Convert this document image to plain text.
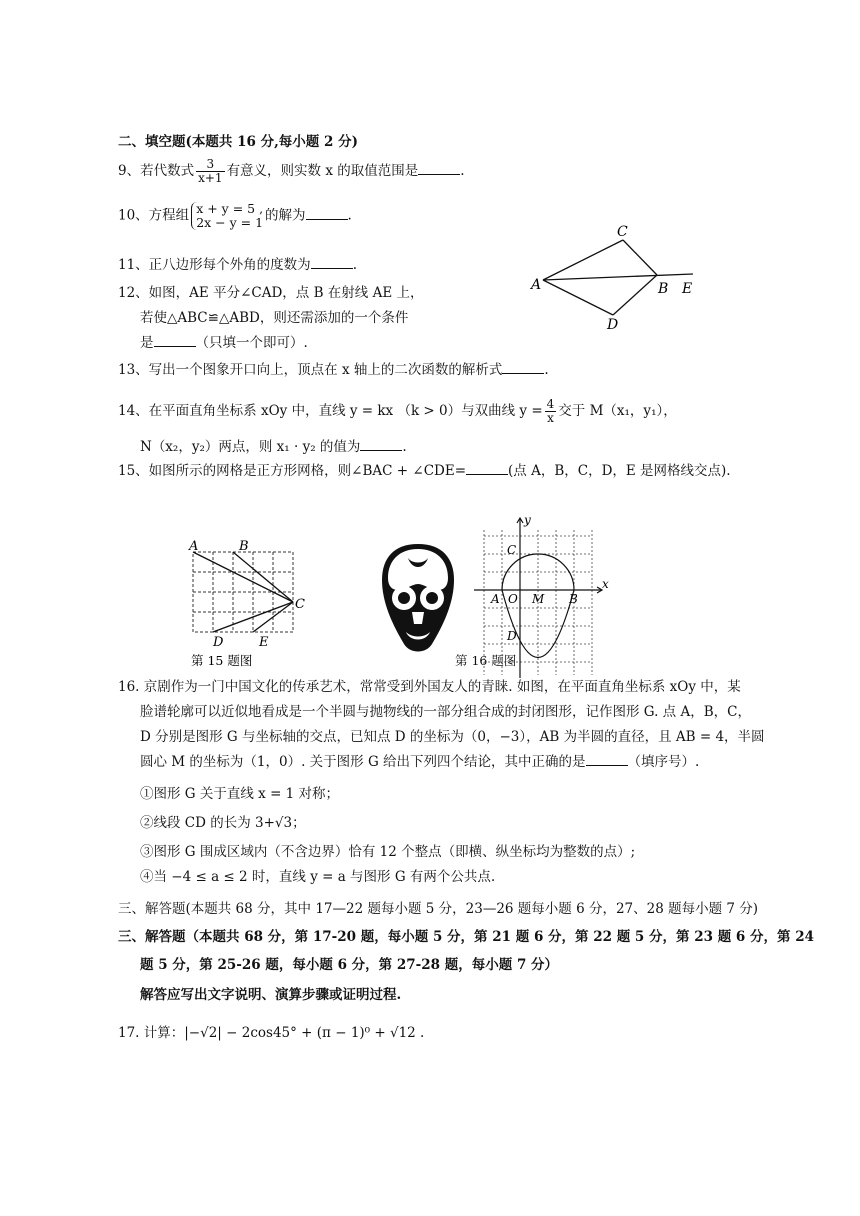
二、填空题(本题共 16 分,每小题 2 分)
9、若代数式 $\frac{3}{x+1}$ 有意义，则实数 x 的取值范围是	.
10、方程组 x + y = 5 ,
2x − y = 1 的解为	.
11、正八边形每个外角的度数为	.
12、如图，AE 平分∠CAD，点 B 在射线 AE 上，
若使△ABC≌△ABD，则还需添加的一个条件
是	（只填一个即可）.
A
C
B E
D
13、写出一个图象开口向上，顶点在 x 轴上的二次函数的解析式	.
14、在平面直角坐标系 xOy 中，直线 y = kx （k > 0）与双曲线 $y = \frac{4}{x}$ 交于 M（x₁，y₁），
N（x₂，y₂）两点，则 x₁ · y₂ 的值为	.
15、如图所示的网格是正方形网格，则∠BAC + ∠CDE=	(点 A，B，C，D，E 是网格线交点).
A	B
C
D	E
第 15 题图
y
x
C
A O M B
D
第 16 题图
16. 京剧作为一门中国文化的传承艺术，常常受到外国友人的青睐. 如图，在平面直角坐标系 xOy 中，某
脸谱轮廓可以近似地看成是一个半圆与抛物线的一部分组合成的封闭图形，记作图形 G. 点 A，B，C，
D 分别是图形 G 与坐标轴的交点，已知点 D 的坐标为（0，−3），AB 为半圆的直径，且 AB = 4，半圆
圆心 M 的坐标为（1，0）. 关于图形 G 给出下列四个结论，其中正确的是	（填序号）.
①图形 G 关于直线 x = 1 对称；
②线段 CD 的长为 3+√3；
③图形 G 围成区域内（不含边界）恰有 12 个整点（即横、纵坐标均为整数的点）;
④当 −4 ≤ a ≤ 2 时，直线 y = a 与图形 G 有两个公共点.
三、解答题(本题共 68 分，其中 17—22 题每小题 5 分，23—26 题每小题 6 分，27、28 题每小题 7 分)
三、解答题（本题共 68 分，第 17-20 题，每小题 5 分，第 21 题 6 分，第 22 题 5 分，第 23 题 6 分，第 24
题 5 分，第 25-26 题，每小题 6 分，第 27-28 题，每小题 7 分）
解答应写出文字说明、演算步骤或证明过程.
17. 计算：|−√2| − 2cos45° + (π − 1)⁰ + √12 .
